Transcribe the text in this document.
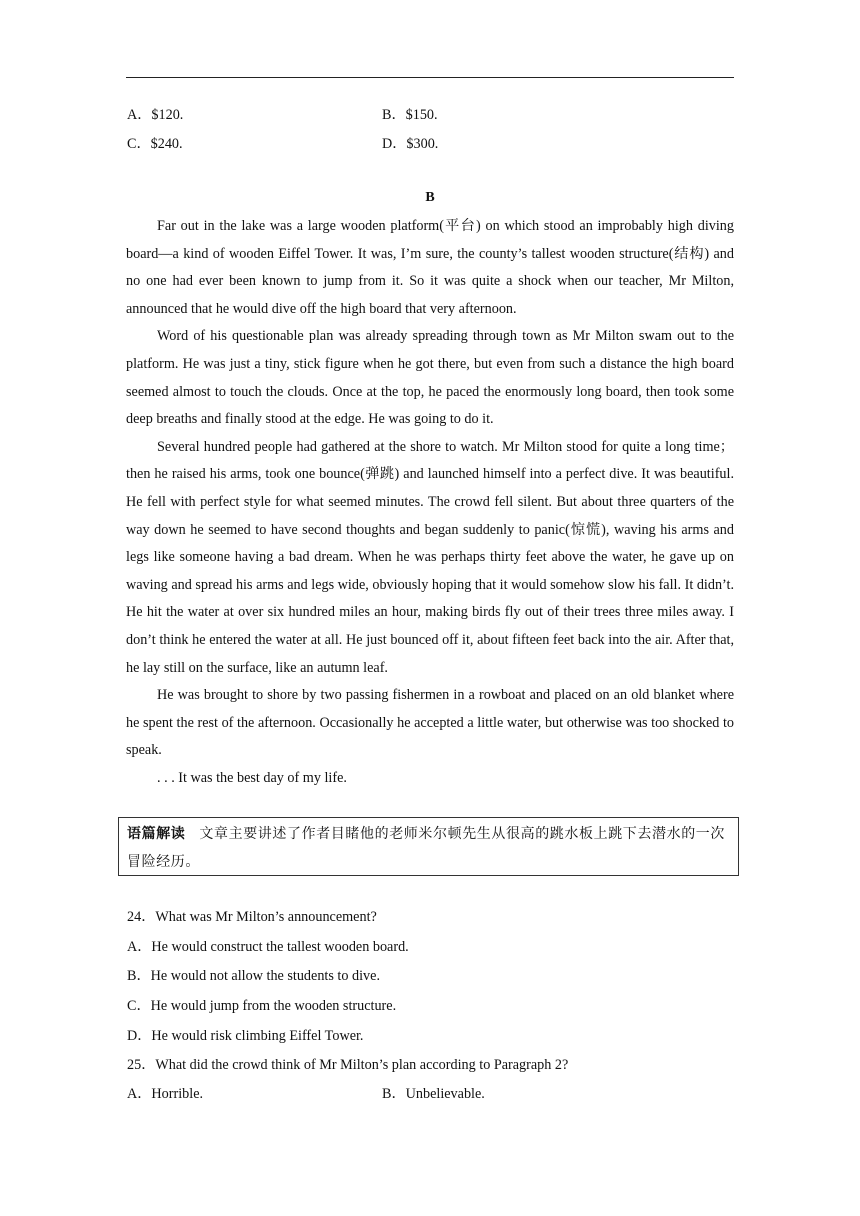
A．$120.	B．$150.
C．$240.	D．$300.
B

Far out in the lake was a large wooden platform(平台) on which stood an improbably high diving board—a kind of wooden Eiffel Tower. It was, I’m sure, the county’s tallest wooden structure(结构) and no one had ever been known to jump from it. So it was quite a shock when our teacher, Mr Milton, announced that he would dive off the high board that very afternoon.

Word of his questionable plan was already spreading through town as Mr Milton swam out to the platform. He was just a tiny, stick figure when he got there, but even from such a distance the high board seemed almost to touch the clouds. Once at the top, he paced the enormously long board, then took some deep breaths and finally stood at the edge. He was going to do it.

Several hundred people had gathered at the shore to watch. Mr Milton stood for quite a long time；then he raised his arms, took one bounce(弹跳) and launched himself into a perfect dive. It was beautiful. He fell with perfect style for what seemed minutes. The crowd fell silent. But about three quarters of the way down he seemed to have second thoughts and began suddenly to panic(惊慌), waving his arms and legs like someone having a bad dream. When he was perhaps thirty feet above the water, he gave up on waving and spread his arms and legs wide, obviously hoping that it would somehow slow his fall. It didn’t. He hit the water at over six hundred miles an hour, making birds fly out of their trees three miles away. I don’t think he entered the water at all. He just bounced off it, about fifteen feet back into the air. After that, he lay still on the surface, like an autumn leaf.

He was brought to shore by two passing fishermen in a rowboat and placed on an old blanket where he spent the rest of the afternoon. Occasionally he accepted a little water, but otherwise was too shocked to speak.

. . . It was the best day of my life.

语篇解读 文章主要讲述了作者目睹他的老师米尔顿先生从很高的跳水板上跳下去潜水的一次冒险经历。
24．What was Mr Milton’s announcement?
A．He would construct the tallest wooden board.
B．He would not allow the students to dive.
C．He would jump from the wooden structure.
D．He would risk climbing Eiffel Tower.
25．What did the crowd think of Mr Milton’s plan according to Paragraph 2?
A．Horrible.	B．Unbelievable.
